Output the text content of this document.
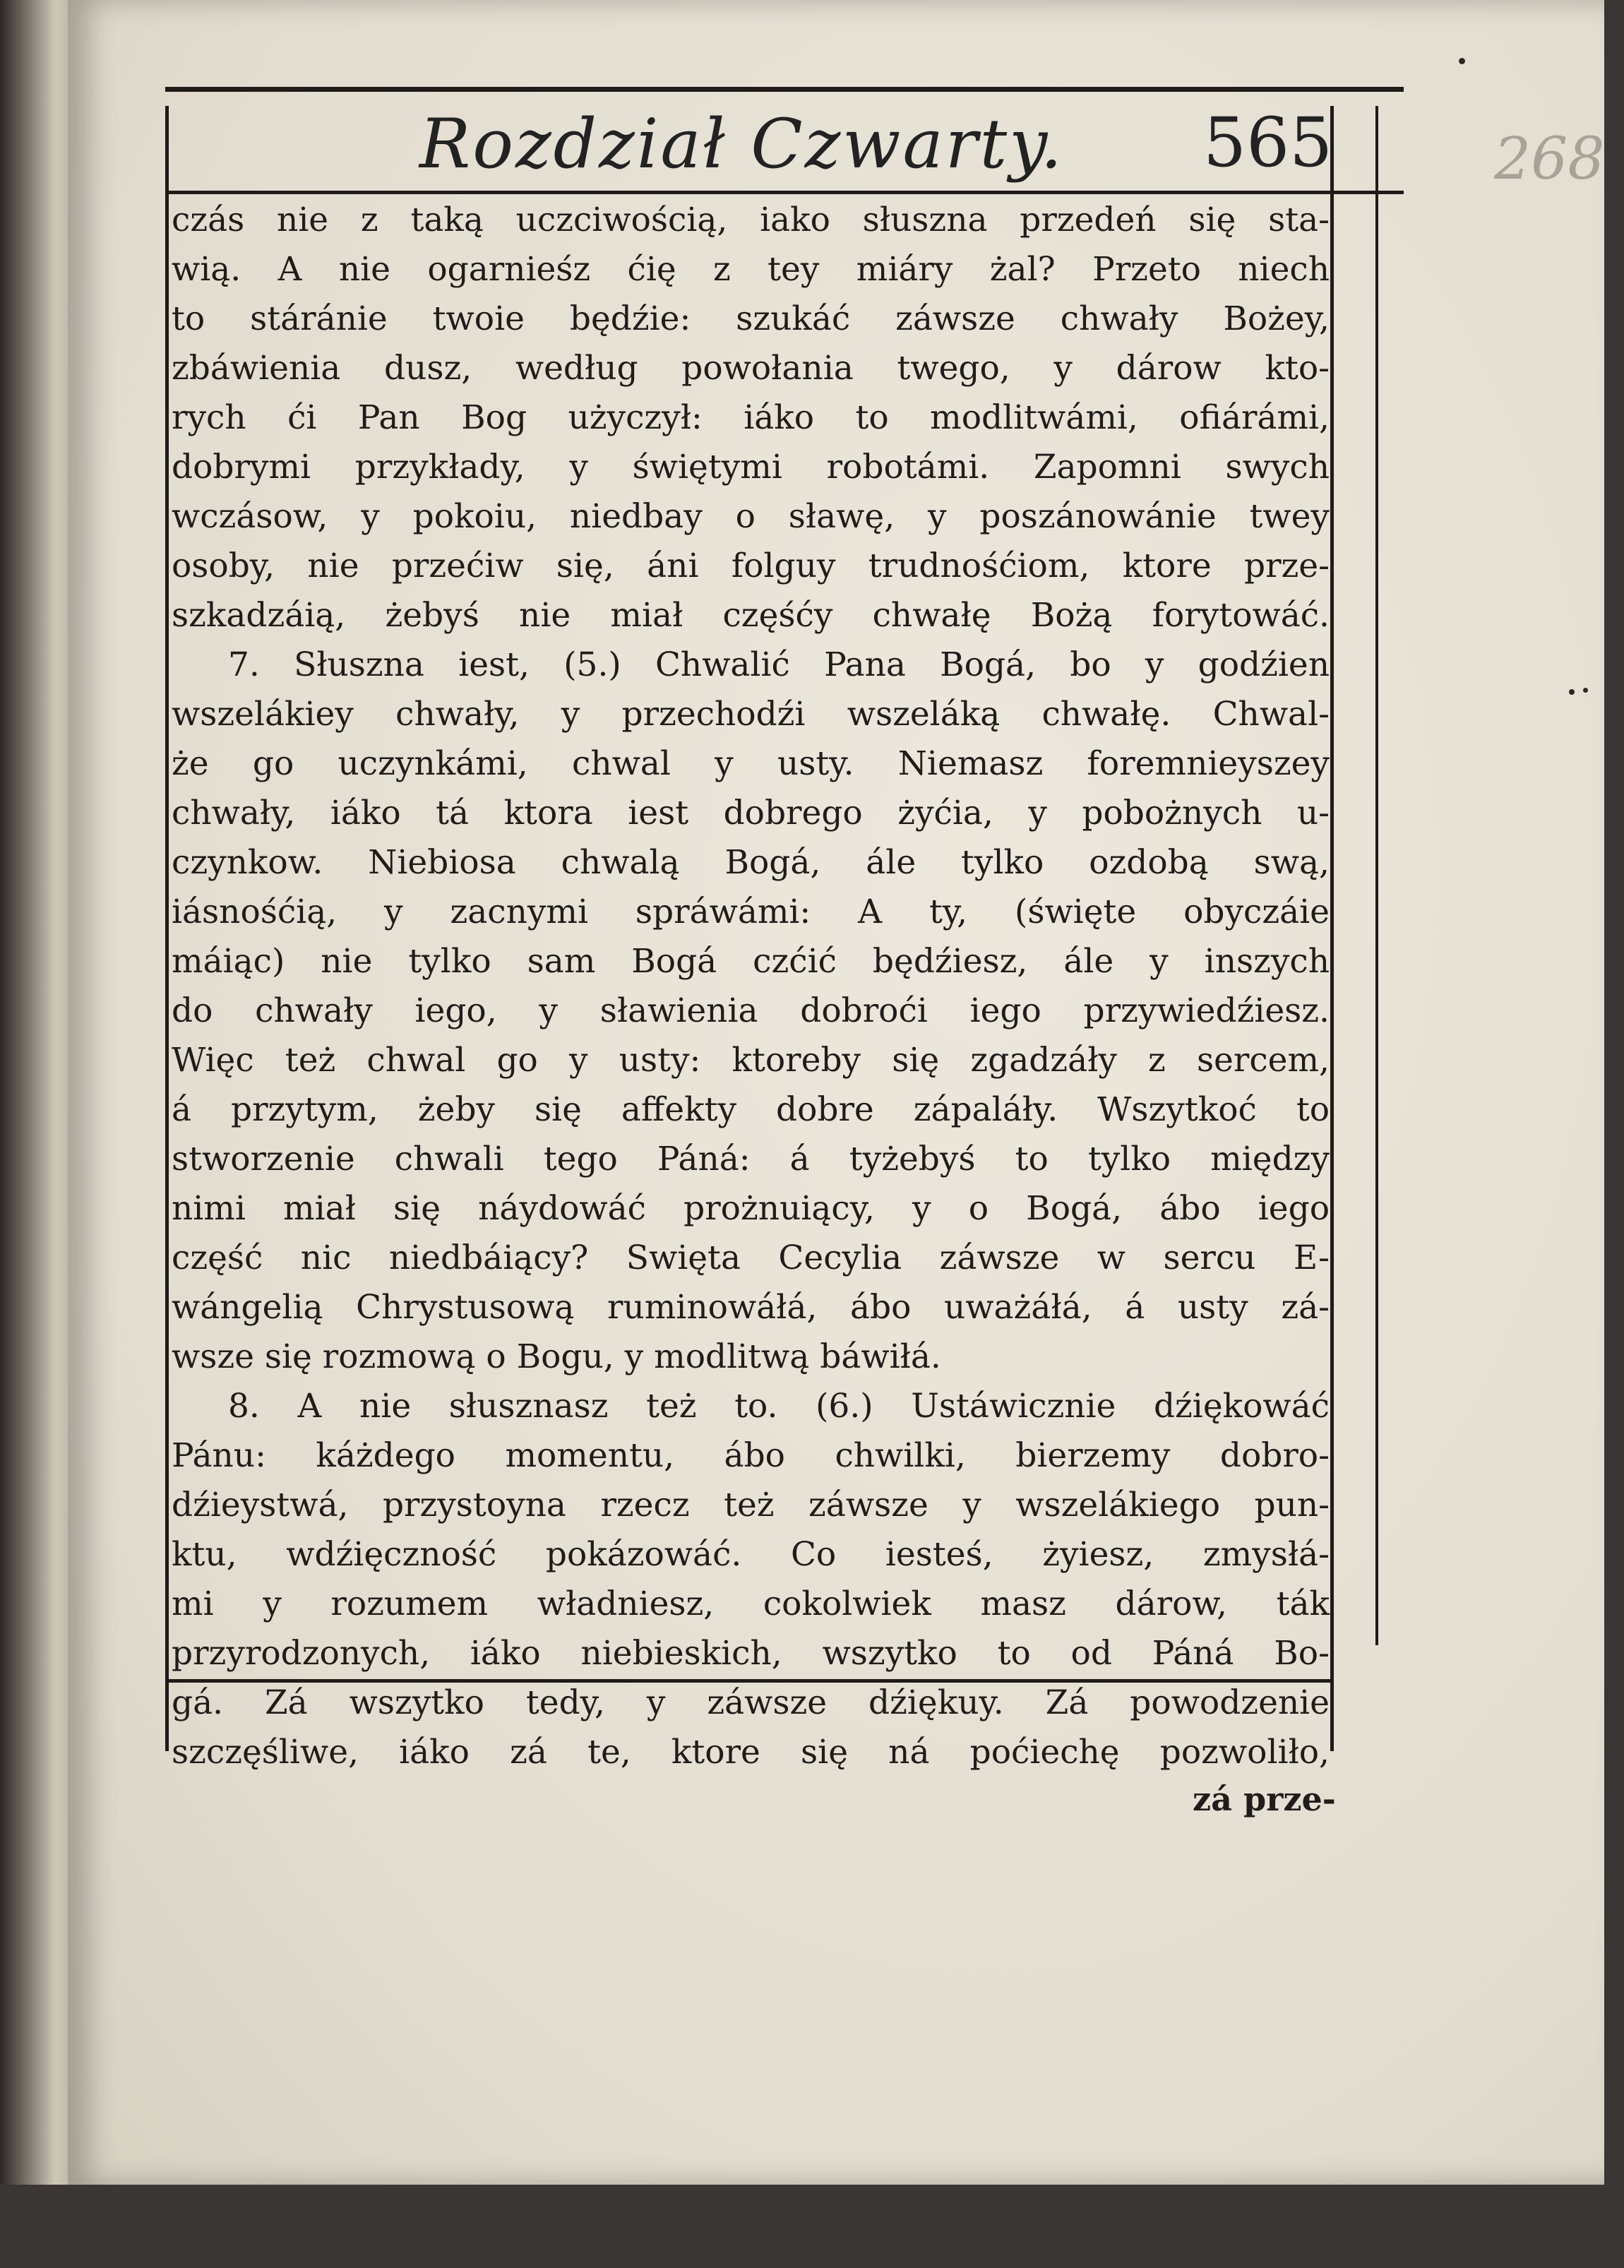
Rozdział Czwarty. 565	268
czás nie z taką uczciwością, iako słuszna przedeń się sta-
wią. A nie ogarnieśz ćię z tey miáry żal? Przeto niech
to stáránie twoie będźie: szukáć záwsze chwały Bożey,
zbáwienia dusz, według powołania twego, y dárow kto-
rych ći Pan Bog użyczył: iáko to modlitwámi, ofiárámi,
dobrymi przykłady, y świętymi robotámi. Zapomni swych
wczásow, y pokoiu, niedbay o sławę, y poszánowánie twey
osoby, nie przećiw się, áni folguy trudnośćiom, ktore prze-
szkadzáią, żebyś nie miał częśćy chwałę Bożą forytowáć.
7. Słuszna iest, (5.) Chwalić Pana Bogá, bo y godźien
wszelákiey chwały, y przechodźi wszeláką chwałę. Chwal-
że go uczynkámi, chwal y usty. Niemasz foremnieyszey
chwały, iáko tá ktora iest dobrego żyćia, y pobożnych u-
czynkow. Niebiosa chwalą Bogá, ále tylko ozdobą swą,
iásnośćią, y zacnymi spráwámi: A ty, (święte obyczáie
máiąc) nie tylko sam Bogá czćić będźiesz, ále y inszych
do chwały iego, y sławienia dobroći iego przywiedźiesz.
Więc też chwal go y usty: ktoreby się zgadzáły z sercem,
á przytym, żeby się affekty dobre zápaláły. Wszytkoć to
stworzenie chwali tego Páná: á tyżebyś to tylko między
nimi miał się náydowáć prożnuiący, y o Bogá, ábo iego
część nic niedbáiący? Swięta Cecylia záwsze w sercu E-
wángelią Chrystusową ruminowáłá, ábo uważáłá, á usty zá-
wsze się rozmową o Bogu, y modlitwą báwiłá.
8. A nie słusznasz też to. (6.) Ustáwicznie dźiękowáć
Pánu: káżdego momentu, ábo chwilki, bierzemy dobro-
dźieystwá, przystoyna rzecz też záwsze y wszelákiego pun-
ktu, wdźięczność pokázowáć. Co iesteś, żyiesz, zmysłá-
mi y rozumem władniesz, cokolwiek masz dárow, ták
przyrodzonych, iáko niebieskich, wszytko to od Páná Bo-
gá. Zá wszytko tedy, y záwsze dźiękuy. Zá powodzenie
szczęśliwe, iáko zá te, ktore się ná poćiechę pozwoliło,
zá prze-
